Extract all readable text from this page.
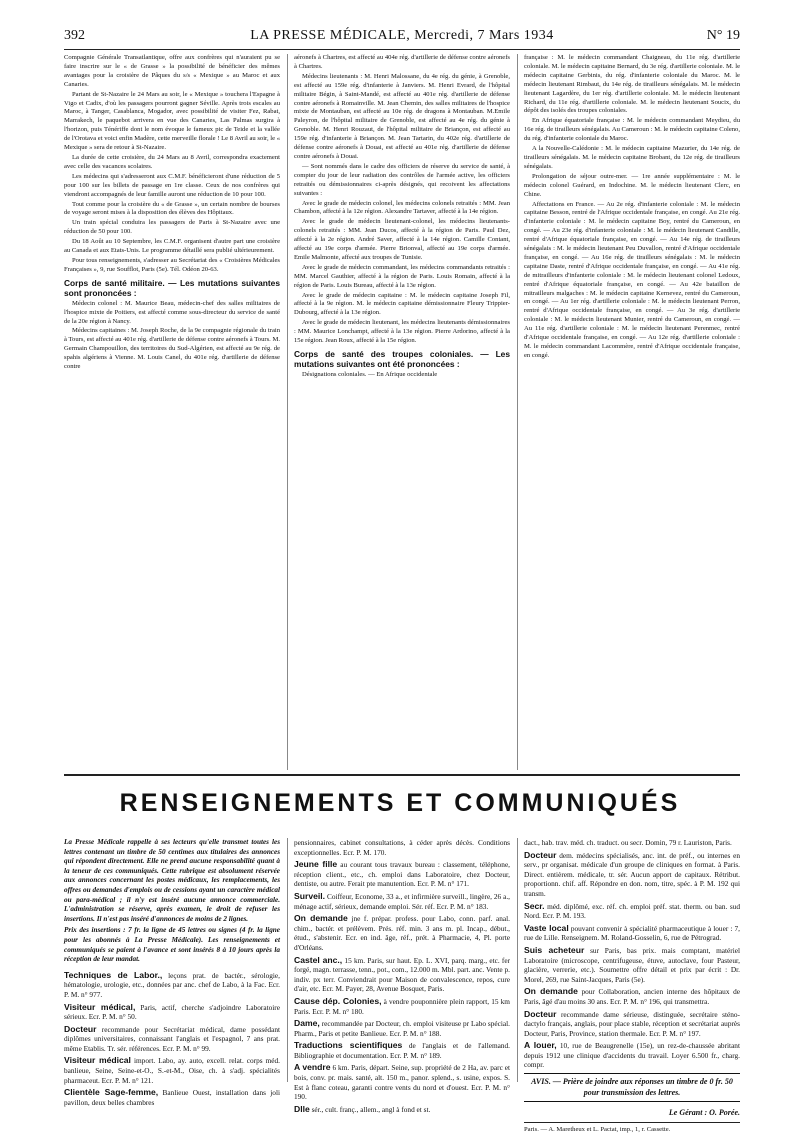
392	LA PRESSE MÉDICALE, Mercredi, 7 Mars 1934	N° 19

Compagnie Générale Transatlantique, offre aux confrères qui n'auraient pu se faire inscrire sur le « de Grasse » la possibilité de bénéficier des mêmes avantages pour la croisière de Pâques du s/s « Mexique » au Maroc et aux Canaries.

Partant de St-Nazaire le 24 Mars au soir, le « Mexique » touchera l'Espagne à Vigo et Cadix, d'où les passagers pourront gagner Séville. Après trois escales au Maroc, à Tanger, Casablanca, Mogador, avec possibilité de visiter Fez, Rabat, Marrakech, le paquebot arrivera en vue des Canaries, Las Palmas surgira à l'horizon, puis Ténériffe dont le nom évoque le fameux pic de Teide et la vallée de l'Orotava et voici enfin Madère, cette merveille florale ! Le 8 Avril au soir, le « Mexique » sera de retour à St-Nazaire.

La durée de cette croisière, du 24 Mars au 8 Avril, correspondra exactement avec celle des vacances scolaires.

Les médecins qui s'adresseront aux C.M.F. bénéficieront d'une réduction de 5 pour 100 sur les billets de passage en 1re classe. Ceux de nos confrères qui viendront accompagnés de leur famille auront une réduction de 10 pour 100.

Tout comme pour la croisière du « de Grasse », un certain nombre de bourses de voyage seront mises à la disposition des élèves des Hôpitaux.

Un train spécial conduira les passagers de Paris à St-Nazaire avec une réduction de 50 pour 100.

Du 18 Août au 10 Septembre, les C.M.F. organisent d'autre part une croisière au Canada et aux Etats-Unis. Le programme détaillé sera publié ultérieurement.

Pour tous renseignements, s'adresser au Secrétariat des « Croisières Médicales Françaises », 9, rue Soufflot, Paris (5e). Tél. Odéon 20-63.

Corps de santé militaire. — Les mutations suivantes sont prononcées :

Médecin colonel : M. Maurice Beau, médecin-chef des salles militaires de l'hospice mixte de Poitiers, est affecté comme sous-directeur du service de santé de la 20e région à Nancy.

Médecins capitaines : M. Joseph Roche, de la 9e compagnie régionale du train à Tours, est affecté au 401e rég. d'artillerie de défense contre aéronefs à Tours. M. Germain Champouillon, des territoires du Sud-Algérien, est affecté au 9e rég. de spahis algériens à Vienne. M. Louis Canel, du 401e rég. d'artillerie de défense contre

aéronefs à Chartres, est affecté au 404e rég. d'artillerie de défense contre aéronefs à Chartres.

Médecins lieutenants : M. Henri Malossane, du 4e rég. du génie, à Grenoble, est affecté au 159e rég. d'infanterie à Janviers. M. Henri Evrard, de l'hôpital militaire Bégin, à Saint-Mandé, est affecté au 401e rég. d'artillerie de défense contre aéronefs à Romainville. M. Jean Chemin, des salles militaires de l'hospice mixte de Montauban, est affecté au 10e rég. de dragons à Montauban. M.Emile Paleyron, de l'hôpital militaire de Grenoble, est affecté au 4e rég. du génie à Grenoble. M. Henri Rouzaut, de l'hôpital militaire de Briançon, est affecté au 159e rég. d'infanterie à Briançon. M. Jean Tartarin, du 402e rég. d'artillerie de défense contre aéronefs à Douai, est affecté au 401e rég. d'artillerie de défense contre aéronefs à Douai.

— Sont nommés dans le cadre des officiers de réserve du service de santé, à compter du jour de leur radiation des contrôles de l'armée active, les officiers retraités ou démissionnaires ci-après désignés, qui recoivent les affectations suivantes :

Avec le grade de médecin colonel, les médecins colonels retraités : MM. Jean Chambon, affecté à la 12e région. Alexandre Tartaver, affecté à la 14e région.

Avec le grade de médecin lieutenant-colonel, les médecins lieutenants-colonels retraités : MM. Jean Ducos, affecté à la région de Paris. Paul Dez, affecté à la 2e région. André Saver, affecté à la 14e région. Camille Contant, affecté au 19e corps d'armée. Pierre Brionval, affecté au 19e corps d'armée. Emile Malmonte, affecté aux troupes de Tunisie.

Avec le grade de médecin commandant, les médecins commandants retraités : MM. Marcel Gauthier, affecté à la région de Paris. Louis Romain, affecté à la région de Paris. Louis Bureau, affecté à la 13e région.

Avec le grade de médecin capitaine : M. le médecin capitaine Joseph Fil, affecté à la 9e région. M. le médecin capitaine démissionnaire Fleury Trippier-Dubourg, affecté à la 13e région.

Avec le grade de médecin lieutenant, les médecins lieutenants démissionnaires : MM. Maurice Lonchampt, affecté à la 13e région. Pierre Ardorino, affecté à la 15e région. Jean Roux, affecté à la 15e région.

Corps de santé des troupes coloniales. — Les mutations suivantes ont été prononcées :

Désignations coloniales. — En Afrique occidentale

française : M. le médecin commandant Chaigneau, du 11e rég. d'artillerie coloniale. M. le médecin capitaine Bernard, du 3e rég. d'artillerie coloniale. M. le médecin capitaine Gerbinis, du rég. d'infanterie coloniale du Maroc. M. le médecin lieutenant Rimbaut, du 14e rég. de tirailleurs sénégalais. M. le médecin lieutenant Lagardère, du 1er rég. d'artillerie coloniale. M. le médecin lieutenant Richard, du 11e rég. d'artillerie coloniale. M. le médecin lieutenant Soucix, du dépôt des isolés des troupes coloniales.

En Afrique équatoriale française : M. le médecin commandant Meydieu, du 16e rég. de tirailleurs sénégalais. Au Cameroun : M. le médecin capitaine Coleno, du rég. d'infanterie coloniale du Maroc.

A la Nouvelle-Calédonie : M. le médecin capitaine Mazurier, du 14e rég. de tirailleurs sénégalais. M. le médecin capitaine Brobant, du 12e rég. de tirailleurs sénégalais.

Prolongation de séjour outre-mer. — 1re année supplémentaire : M. le médecin colonel Guérard, en Indochine. M. le médecin lieutenant Clerc, en Chine.

Affectations en France. — Au 2e rég. d'infanterie coloniale : M. le médecin capitaine Besson, rentré de l'Afrique occidentale française, en congé. Au 21e rég. d'infanterie coloniale : M. le médecin capitaine Boy, rentré du Cameroun, en congé. — Au 23e rég. d'infanterie coloniale : M. le médecin lieutenant Candille, rentré d'Afrique équatoriale française, en congé. — Au 14e rég. de tirailleurs sénégalais : M. le médecin lieutenant Peu Duvallon, rentré d'Afrique occidentale française, en congé. — Au 16e rég. de tirailleurs sénégalais : M. le médecin capitaine Daste, rentré d'Afrique occidentale française, en congé. — Au 41e rég. de mitrailleurs d'infanterie coloniale : M. le médecin lieutenant colonel Ledoux, rentré d'Afrique équatoriale française, en congé. — Au 42e bataillon de mitrailleurs malgaches : M. le médecin capitaine Kernevez, rentré du Cameroun, en congé. — Au 1er rég. d'artillerie coloniale : M. le médecin lieutenant Perron, rentré d'Afrique occidentale française, en congé. — Au 3e rég. d'artillerie coloniale : M. le médecin lieutenant Munier, rentré du Cameroun, en congé. — Au 11e rég. d'artillerie coloniale : M. le médecin lieutenant Perenmec, rentré d'Afrique occidentale française, en congé. — Au 12e rég. d'artillerie coloniale : M. le médecin commandant Lacommère, rentré d'Afrique occidentale française, en congé.

RENSEIGNEMENTS ET COMMUNIQUÉS
La Presse Médicale rappelle à ses lecteurs qu'elle transmet toutes les lettres contenant un timbre de 50 centimes aux titulaires des annonces qui répondent directement. Elle ne prend aucune responsabilité quant à la teneur de ces communiqués. Cette rubrique est absolument réservée aux annonces concernant les postes médicaux, les remplacements, les offres ou demandes d'emplois ou de cessions ayant un caractère médical ou para-médical ; il n'y est inséré aucune annonce commerciale. L'administration se réserve, après examen, le droit de refuser les insertions. Il n'est pas inséré d'annonces de moins de 2 lignes.
Prix des insertions : 7 fr. la ligne de 45 lettres ou signes (4 fr. la ligne pour les abonnés à La Presse Médicale). Les renseignements et communiqués se paient à l'avance et sont insérés 8 à 10 jours après la réception de leur mandat.

Techniques de Labor., leçons prat. de bactér., sérologie, hématologie, urologie, etc., données par anc. chef de Labo, à la Fac. Ecr. P. M. n° 977.

Visiteur médical, Paris, actif, cherche s'adjoindre Laboratoire sérieux. Ecr. P. M. n° 50.

Docteur recommande pour Secrétariat médical, dame possédant diplômes universitaires, connaissant l'anglais et l'espagnol, 7 ans prat. même Etablis. Tr. sér. références. Ecr. P. M. n° 99.

Visiteur médical import. Labo, ay. auto, excell. relat. corps méd. banlieue, Seine, Seine-et-O., S.-et-M., Oise, ch. à s'adj. spécialités pharmaceut. Ecr. P. M. n° 121.

Clientèle Sage-femme, Banlieue Ouest, installation dans joli pavillon, deux belles chambres

pensionnaires, cabinet consultations, à céder après décès. Conditions exceptionnelles. Ecr. P. M. 170.

Jeune fille au courant tous travaux bureau : classement, téléphone, réception client., etc., ch. emploi dans Laboratoire, chez Docteur, dentiste, ou autre. Ferait pte manutention. Ecr. P. M. n° 171.

Surveil. Coiffeur, Econome, 33 a., et infirmière surveill., lingère, 26 a., ménage actif, sérieux, demande emploi. Sér. réf. Ecr. P. M. n° 183.

On demande jne f. prépar. profess. pour Labo, conn. parf. anal. chim., bactér. et prélèvem. Prés. réf. min. 3 ans m. pl. Incap., début., étud., s'abstenir. Ecr. en ind. âge, réf., prét. à Pharmacie, 4, Pl. porte d'Orléans.

Castel anc., 15 km. Paris, sur haut. Ep. L. XVI, parq. marg., etc. fer forgé, magn. terrasse, tenn., pot., com., 12.000 m. Mbl. part. anc. Vente p. indiv. px terr. Conviendrait pour Maison de convalescence, repos, cure d'air, etc. Ecr. M. Payer, 28, Avenue Bosquet, Paris.

Cause dép. Colonies, à vendre pouponnière plein rapport, 15 km Paris. Ecr. P. M. n° 180.

Dame, recommandée par Docteur, ch. emploi visiteuse pr Labo spécial. Pharm., Paris et petite Banlieue. Ecr. P. M. n° 188.

Traductions scientifiques de l'anglais et de l'allemand. Bibliographie et documentation. Ecr. P. M. n° 189.

A vendre 6 km. Paris, départ. Seine, sup. propriété de 2 Ha, av. parc et bois, conv. pr. mais. santé, alt. 150 m., panor. splend., s. usine, expos. S. Est à flanc coteau, garanti contre vents du nord et d'ouest. Ecr. P. M. n° 190.

Dlle sér., cult. franç., allem., angl à fond et st.

dact., hab. trav. méd. ch. traduct. ou secr. Domin, 79 r. Lauriston, Paris.

Docteur dem. médecins spécialisés, anc. int. de préf., ou internes en serv., pr organisat. médicale d'un groupe de cliniques en format. à Paris. Direct. entièrem. médicale, tr. sér. Aucun apport de capitaux. Rétribut. proportionn. chif. aff. Répondre en don. nom, titre, spéc. à P. M. 192 qui transm.

Secr. méd. diplômé, exc. réf. ch. emploi préf. stat. therm. ou ban. sud Nord. Ecr. P. M. 193.

Vaste local pouvant convenir à spécialité pharmaceutique à louer : 7, rue de Lille. Renseignem. M. Roland-Gosselin, 6, rue de Pétrograd.

Suis acheteur sur Paris, bas prix. mais comptant, matériel Laboratoire (microscope, centrifugeuse, étuve, autoclave, four Pasteur, glacière, verrerie, etc.). Soumettre offre détail et prix par écrit : Dr. Morel, 269, rue Saint-Jacques, Paris (5e).

On demande pour Collaboration, ancien interne des hôpitaux de Paris, âgé d'au moins 30 ans. Ecr. P. M. n° 196, qui transmettra.

Docteur recommande dame sérieuse, distinguée, secrétaire sténo-dactylo français, anglais, pour place stable, réception et secrétariat auprès Docteur, Paris, Province, station thermale. Ecr. P. M. n° 197.

A louer, 10, rue de Beaugrenelle (15e), un rez-de-chaussée abritant depuis 1912 une clinique d'accidents du travail. Loyer 6.500 fr., charg. compr.

AVIS. — Prière de joindre aux réponses un timbre de 0 fr. 50 pour transmission des lettres.
Le Gérant : O. Porée.
Paris. — A. Maretheux et L. Pactat, imp., 1, r. Cassette.
